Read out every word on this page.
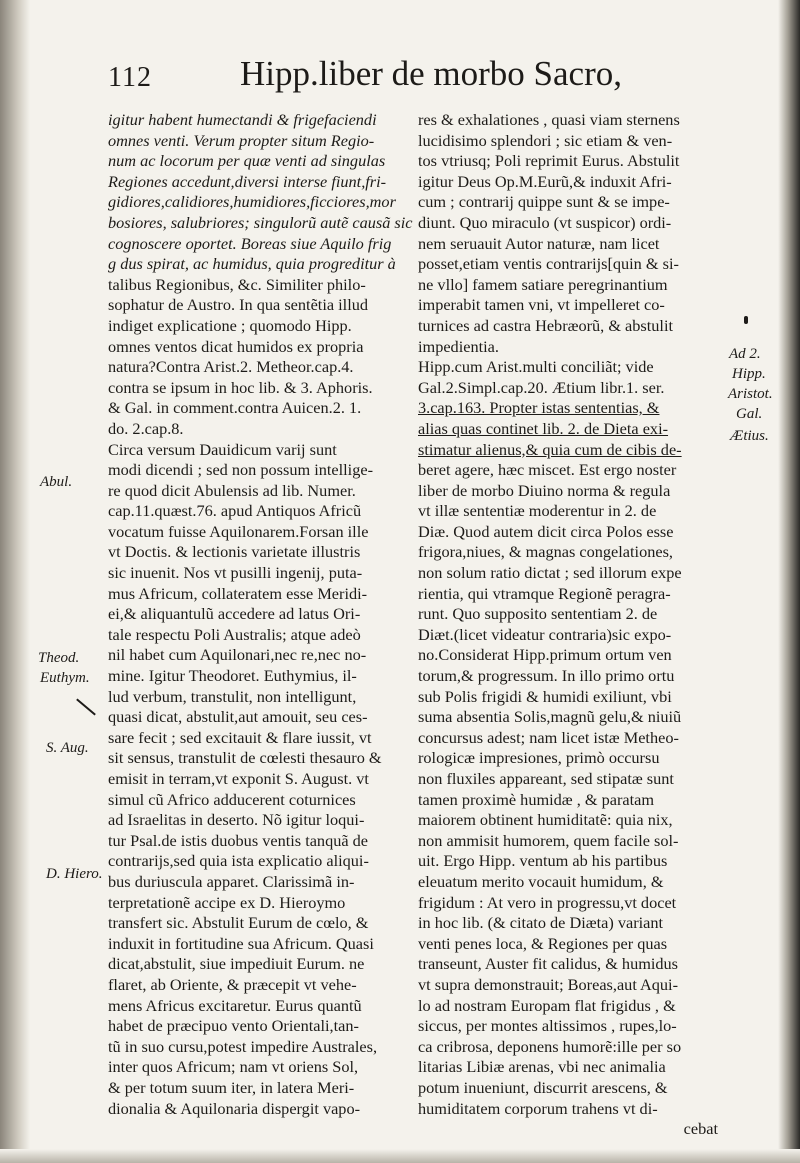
112	Hipp.liber de morbo Sacro,
igitur habent humectandi & frigefaciendi
omnes venti. Verum propter situm Regio-
num ac locorum per quæ venti ad singulas
Regiones accedunt,diversi interse fiunt,fri-
gidiores,calidiores,humidiores,ficciores,mor
bosiores, salubriores; singulorũ autẽ causã sic
cognoscere oportet. Boreas siue Aquilo frig
g dus spirat, ac humidus, quia progreditur à
talibus Regionibus, &c. Similiter philo-
sophatur de Austro. In qua sentẽtia illud
indiget explicatione ; quomodo Hipp.
omnes ventos dicat humidos ex propria
natura?Contra Arist.2. Metheor.cap.4.
contra se ipsum in hoc lib. & 3. Aphoris.
& Gal. in comment.contra Auicen.2. 1.
do. 2.cap.8.
Circa versum Dauidicum varij sunt
modi dicendi ; sed non possum intellige-
re quod dicit Abulensis ad lib. Numer.
cap.11.quæst.76. apud Antiquos Africũ
vocatum fuisse Aquilonarem.Forsan ille
vt Doctis. & lectionis varietate illustris
sic inuenit. Nos vt pusilli ingenij, puta-
mus Africum, collateratem esse Meridi-
ei,& aliquantulũ accedere ad latus Ori-
tale respectu Poli Australis; atque adeò
nil habet cum Aquilonari,nec re,nec no-
mine. Igitur Theodoret. Euthymius, il-
lud verbum, transtulit, non intelligunt,
quasi dicat, abstulit,aut amouit, seu ces-
sare fecit ; sed excitauit & flare iussit, vt
sit sensus, transtulit de cœlesti thesauro &
emisit in terram,vt exponit S. August. vt
simul cũ Africo adducerent coturnices
ad Israelitas in deserto. Nõ igitur loqui-
tur Psal.de istis duobus ventis tanquã de
contrarijs,sed quia ista explicatio aliqui-
bus duriuscula apparet. Clarissimã in-
terpretationẽ accipe ex D. Hieroymo
transfert sic. Abstulit Eurum de cœlo, &
induxit in fortitudine sua Africum. Quasi
dicat,abstulit, siue impediuit Eurum. ne
flaret, ab Oriente, & præcepit vt vehe-
mens Africus excitaretur. Eurus quantũ
habet de præcipuo vento Orientali,tan-
tũ in suo cursu,potest impedire Australes,
inter quos Africum; nam vt oriens Sol,
& per totum suum iter, in latera Meri-
dionalia & Aquilonaria dispergit vapo-
res & exhalationes , quasi viam sternens
lucidisimo splendori ; sic etiam & ven-
tos vtriusq; Poli reprimit Eurus. Abstulit
igitur Deus Op.M.Eurũ,& induxit Afri-
cum ; contrarij quippe sunt & se impe-
diunt. Quo miraculo (vt suspicor) ordi-
nem seruauit Autor naturæ, nam licet
posset,etiam ventis contrarijs[quin & si-
ne vllo] famem satiare peregrinantium
imperabit tamen vni, vt impelleret co-
turnices ad castra Hebræorũ, & abstulit
impedientia.
Hipp.cum Arist.multi conciliãt; vide
Gal.2.Simpl.cap.20. Ætium libr.1. ser.
3.cap.163. Propter istas sententias, &
alias quas continet lib. 2. de Dieta exi-
stimatur alienus,& quia cum de cibis de-
beret agere, hæc miscet. Est ergo noster
liber de morbo Diuino norma & regula
vt illæ sententiæ moderentur in 2. de
Diæ. Quod autem dicit circa Polos esse
frigora,niues, & magnas congelationes,
non solum ratio dictat ; sed illorum expe
rientia, qui vtramque Regionẽ peragra-
runt. Quo supposito sententiam 2. de
Diæt.(licet videatur contraria)sic expo-
no.Considerat Hipp.primum ortum ven
torum,& progressum. In illo primo ortu
sub Polis frigidi & humidi exiliunt, vbi
suma absentia Solis,magnũ gelu,& niuiũ
concursus adest; nam licet istæ Metheo-
rologicæ impresiones, primò occursu
non fluxiles appareant, sed stipatæ sunt
tamen proximè humidæ , & paratam
maiorem obtinent humiditatẽ: quia nix,
non ammisit humorem, quem facile sol-
uit. Ergo Hipp. ventum ab his partibus
eleuatum merito vocauit humidum, &
frigidum : At vero in progressu,vt docet
in hoc lib. (& citato de Diæta) variant
venti penes loca, & Regiones per quas
transeunt, Auster fit calidus, & humidus
vt supra demonstrauit; Boreas,aut Aqui-
lo ad nostram Europam flat frigidus , &
siccus, per montes altissimos , rupes,lo-
ca cribrosa, deponens humorẽ:ille per so
litarias Libiæ arenas, vbi nec animalia
potum inueniunt, discurrit arescens, &
humiditatem corporum trahens vt di-
cebat
Abul.
Theod.
Euthym.
S. Aug.
D. Hiero.
Ad 2.
Hipp.
Aristot.
Gal.
Ætius.
